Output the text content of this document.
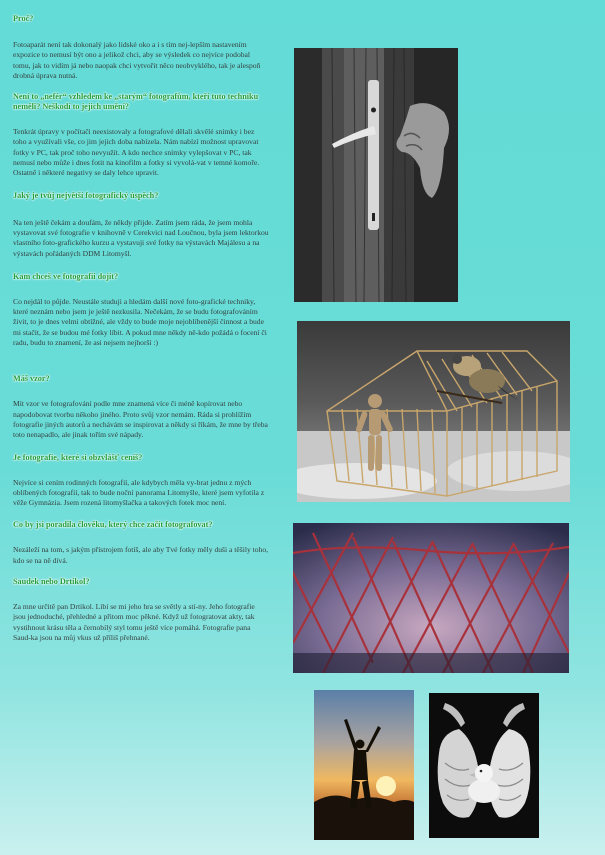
Proč?

Fotoaparát není tak dokonalý jako lidské oko a i s tím nej-lepším nastavením expozice to nemusí být ono a jelikož chci, aby se výsledek co nejvíce podobal tomu, jak to vidím já nebo naopak chci vytvořit něco neobvyklého, tak je alespoň drobná úprava nutná.

Není to „nefér“ vzhledem ke „starým“ fotografům, kteří tuto techniku neměli? Neškodí to jejich umění?

Tenkrát úpravy v počítači neexistovaly a fotografové dělali skvělé snímky i bez toho a využívali vše, co jim jejich doba nabízela. Nám nabízí možnost upravovat fotky v PC, tak proč toho nevyužít. A kdo nechce snímky vylepšovat v PC, tak nemusí nebo může i dnes fotit na kinofilm a fotky si vyvolá-vat v temné komoře. Ostatně i některé negativy se daly lehce upravit.

Jaký je tvůj největší fotografický úspěch?

Na ten ještě čekám a doufám, že někdy přijde. Zatím jsem ráda, že jsem mohla vystavovat své fotografie v knihovně v Cerekvici nad Loučnou, byla jsem lektorkou vlastního foto-grafického kurzu a vystavuji své fotky na výstavách Majálesu a na výstavách pořádaných DDM Litomyšl.

Kam chceš ve fotografii dojít?

Co nejdál to půjde. Neustále studuji a hledám další nové foto-grafické techniky, které neznám nebo jsem je ještě nezkusila. Nečekám, že se budu fotografováním živit, to je dnes velmi obtížné, ale vždy to bude moje nejoblíbenější činnost a bude mi stačit, že se budou mé fotky líbit. A pokud mne někdy ně-kdo požádá o focení či radu, budu to znamení, že asi nejsem nejhorší :)

Máš vzor?

Mít vzor ve fotografování podle mne znamená více či méně kopírovat nebo napodobovat tvorbu někoho jiného. Proto svůj vzor nemám. Ráda si prohlížím fotografie jiných autorů a nechávám se inspirovat a někdy si říkám, že mne by třeba toto nenapadlo, ale jinak tořím své nápady.

Je fotografie, které si obzvlášť ceníš?

Nejvíce si cením rodinných fotografií, ale kdybych měla vy-brat jednu z mých oblíbených fotografií, tak to bude noční panorama Litomyšle, které jsem vyfotila z věže Gymnázia. Jsem rozená litomyšlačka a takových fotek moc není.

Co by jsi poradila člověku, který chce začít fotografovat?

Nezáleží na tom, s jakým přístrojem fotíš, ale aby Tvé fotky měly duši a těšily toho, kdo se na ně dívá.

Saudek nebo Drtikol?

Za mne určitě pan Drtikol. Líbí se mi jeho hra se světly a stí-ny. Jeho fotografie jsou jednoduché, přehledné a přitom moc pěkné. Když už fotogratovat akty, tak vystihnout krásu těla a černobílý styl tomu ještě více pomáhá. Fotografie pana Saud-ka jsou na můj vkus už příliš přehnané.
